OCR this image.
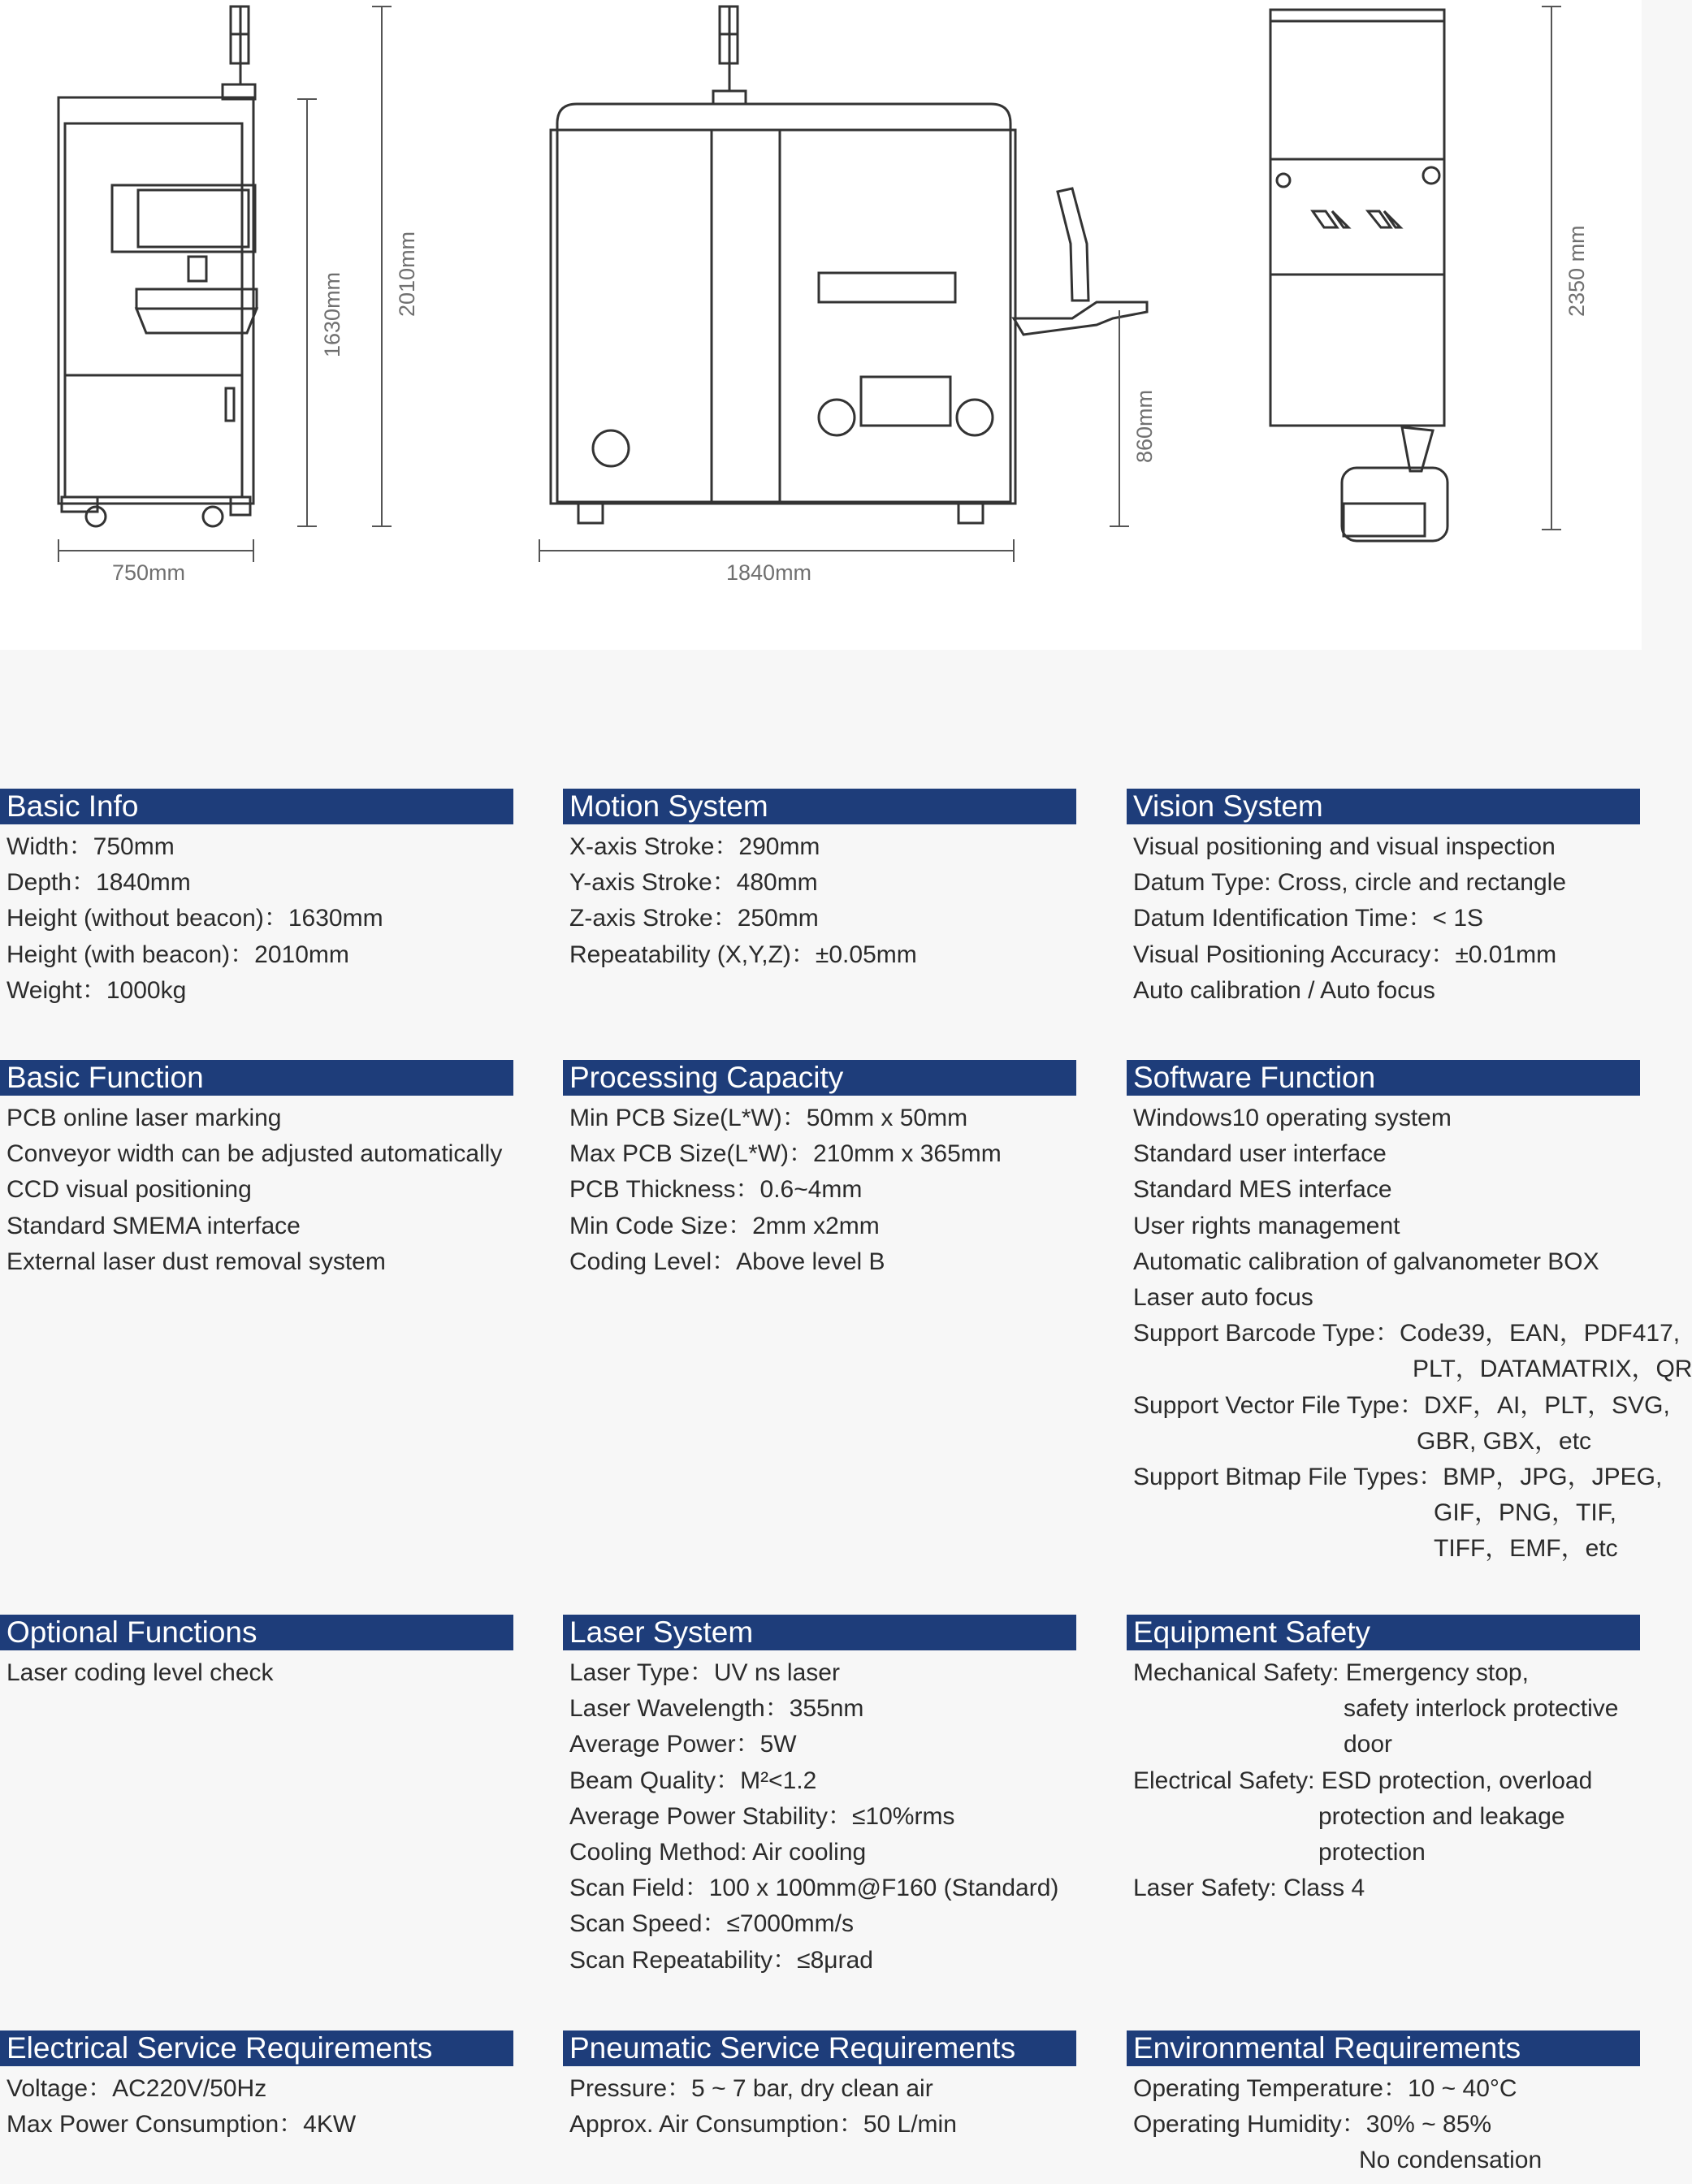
750mm	1840mm
1630mm 2010mm
860mm
2350 mm
Basic Info
Width：750mm
Depth：1840mm
Height (without beacon)：1630mm
Height (with beacon)：2010mm
Weight：1000kg
Motion System
X-axis Stroke：290mm
Y-axis Stroke：480mm
Z-axis Stroke：250mm
Repeatability (X,Y,Z)：±0.05mm
Vision System
Visual positioning and visual inspection
Datum Type: Cross, circle and rectangle
Datum Identification Time：< 1S
Visual Positioning Accuracy：±0.01mm
Auto calibration / Auto focus
Basic Function
PCB online laser marking
Conveyor width can be adjusted automatically
CCD visual positioning
Standard SMEMA interface
External laser dust removal system
Processing Capacity
Min PCB Size(L*W)：50mm x 50mm
Max PCB Size(L*W)：210mm x 365mm
PCB Thickness：0.6~4mm
Min Code Size：2mm x2mm
Coding Level：Above level B
Software Function
Windows10 operating system
Standard user interface
Standard MES interface
User rights management
Automatic calibration of galvanometer BOX
Laser auto focus
Support Barcode Type：Code39，EAN，PDF417,
PLT，DATAMATRIX，QR
Support Vector File Type：DXF，AI，PLT，SVG,
GBR, GBX，etc
Support Bitmap File Types：BMP，JPG，JPEG,
GIF，PNG，TIF,
TIFF，EMF，etc
Optional Functions
Laser coding level check
Laser System
Laser Type：UV ns laser
Laser Wavelength：355nm
Average Power：5W
Beam Quality：M²<1.2
Average Power Stability：≤10%rms
Cooling Method: Air cooling
Scan Field：100 x 100mm@F160 (Standard)
Scan Speed：≤7000mm/s
Scan Repeatability：≤8μrad
Equipment Safety
Mechanical Safety: Emergency stop,
safety interlock protective
door
Electrical Safety: ESD protection, overload
protection and leakage
protection
Laser Safety: Class 4
Electrical Service Requirements
Voltage：AC220V/50Hz
Max Power Consumption：4KW
Pneumatic Service Requirements
Pressure：5 ~ 7 bar, dry clean air
Approx. Air Consumption：50 L/min
Environmental Requirements
Operating Temperature：10 ~ 40°C
Operating Humidity：30% ~ 85%
No condensation
